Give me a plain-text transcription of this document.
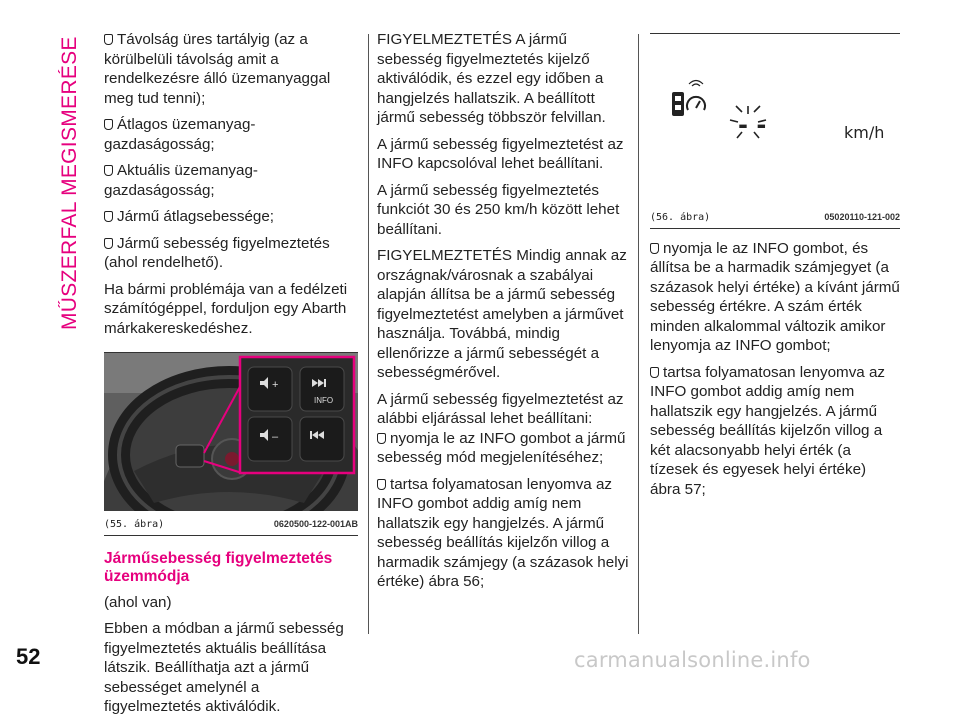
MŰSZERFAL MEGISMERÉSE	Távolság üres tartályig (az a körülbelüli távolság amit a rendelkezésre álló üzemanyaggal meg tud tenni);

Átlagos üzemanyag-gazdaságosság;

Aktuális üzemanyag-gazdaságosság;

Jármű átlagsebessége;

Jármű sebesség figyelmeztetés (ahol rendelhető).

Ha bármi problémája van a fedélzeti számítógéppel, forduljon egy Abarth márkakereskedéshez.

+
–
INFO
(55. ábra)	0620500-122-001AB

Járműsebesség figyelmeztetés üzemmódja

(ahol van)

Ebben a módban a jármű sebesség figyelmeztetés aktuális beállítása látszik. Beállíthatja azt a jármű sebességet amelynél a figyelmeztetés aktiválódik.

FIGYELMEZTETÉS A jármű sebesség figyelmeztetés kijelző aktiválódik, és ezzel egy időben a hangjelzés hallatszik. A beállított jármű sebesség többször felvillan.

A jármű sebesség figyelmeztetést az INFO kapcsolóval lehet beállítani.

A jármű sebesség figyelmeztetés funkciót 30 és 250 km/h között lehet beállítani.

FIGYELMEZTETÉS Mindig annak az országnak/városnak a szabályai alapján állítsa be a jármű sebesség figyelmeztetést amelyben a járművet használja. Továbbá, mindig ellenőrizze a jármű sebességét a sebességmérővel.

A jármű sebesség figyelmeztetést az alábbi eljárással lehet beállítani:

nyomja le az INFO gombot a jármű sebesség mód megjelenítéséhez;

tartsa folyamatosan lenyomva az INFO gombot addig amíg nem hallatszik egy hangjelzés. A jármű sebesség beállítás kijelzőn villog a harmadik számjegy (a százasok helyi értéke) ábra 56;

- -	km/h
(56. ábra)	05020110-121-002

nyomja le az INFO gombot, és állítsa be a harmadik számjegyet (a százasok helyi értéke) a kívánt jármű sebesség értékre. A szám érték minden alkalommal változik amikor lenyomja az INFO gombot;

tartsa folyamatosan lenyomva az INFO gombot addig amíg nem hallatszik egy hangjelzés. A jármű sebesség beállítás kijelzőn villog a két alacsonyabb helyi érték (a tízesek és egyesek helyi értéke) ábra 57;

52	carmanualsonline.info
